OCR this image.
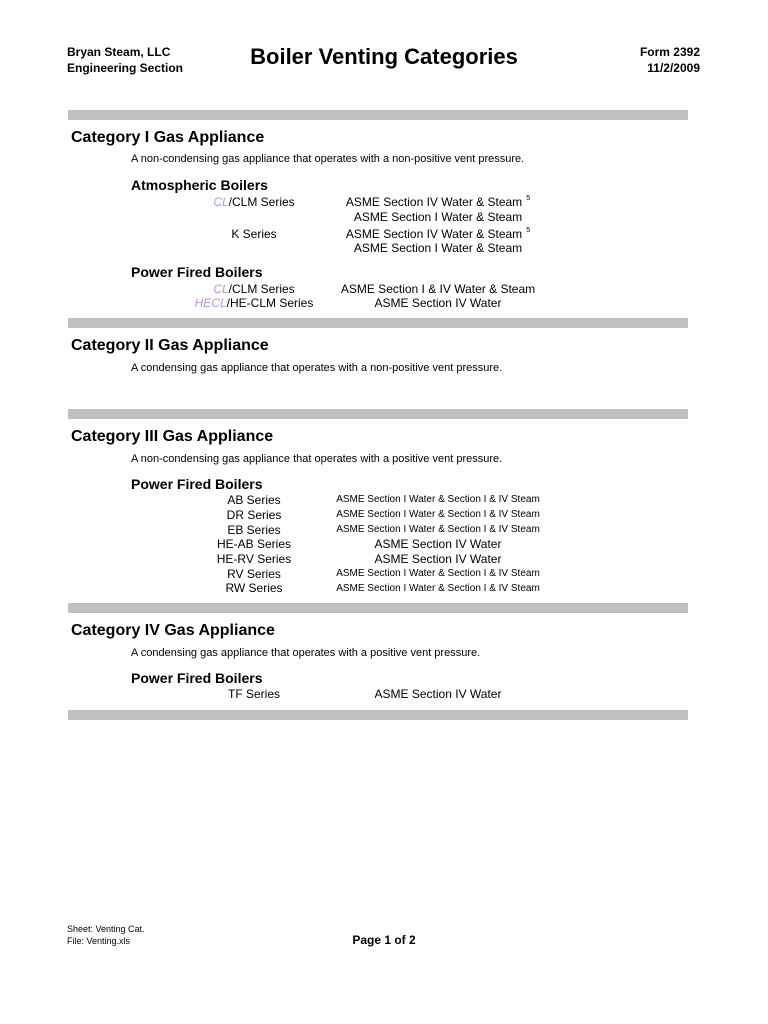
Bryan Steam, LLC
Engineering Section	Boiler Venting Categories	Form 2392
11/2/2009
Category I Gas Appliance
A non-condensing gas appliance that operates with a non-positive vent pressure.
Atmospheric Boilers
CL/CLM Series	ASME Section IV Water & Steam $^5$
ASME Section I Water & Steam
K Series	ASME Section IV Water & Steam $^5$
ASME Section I Water & Steam
Power Fired Boilers
CL/CLM Series	ASME Section I & IV Water & Steam
HECL/HE-CLM Series	ASME Section IV Water
Category II Gas Appliance
A condensing gas appliance that operates with a non-positive vent pressure.
Category III Gas Appliance
A non-condensing gas appliance that operates with a positive vent pressure.
Power Fired Boilers
AB Series	ASME Section I Water & Section I & IV Steam
DR Series	ASME Section I Water & Section I & IV Steam
EB Series	ASME Section I Water & Section I & IV Steam
HE-AB Series	ASME Section IV Water
HE-RV Series	ASME Section IV Water
RV Series	ASME Section I Water & Section I & IV Steam
RW Series	ASME Section I Water & Section I & IV Steam
Category IV Gas Appliance
A condensing gas appliance that operates with a positive vent pressure.
Power Fired Boilers
TF Series	ASME Section IV Water
Sheet: Venting Cat.
File: Venting.xls	Page 1 of 2
